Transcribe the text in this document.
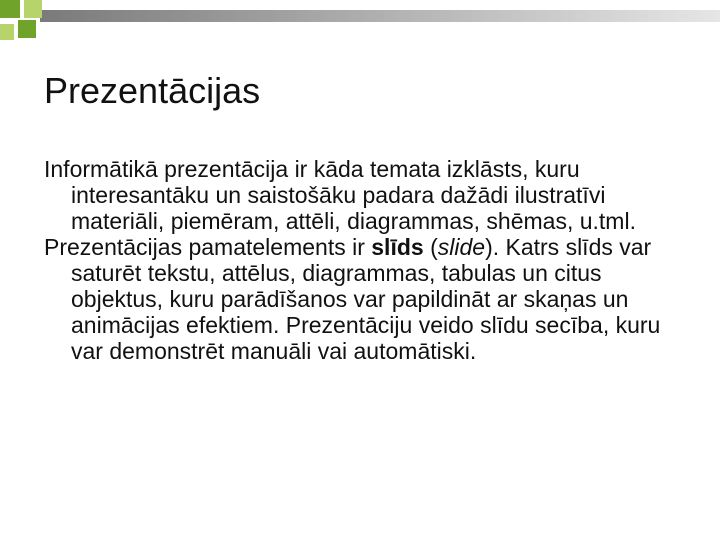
Prezentācijas

Informātikā prezentācija ir kāda temata izklāsts, kuru interesantāku un saistošāku padara dažādi ilustratīvi materiāli, piemēram, attēli, diagrammas, shēmas, u.tml.

Prezentācijas pamatelements ir slīds (slide). Katrs slīds var saturēt tekstu, attēlus, diagrammas, tabulas un citus objektus, kuru parādīšanos var papildināt ar skaņas un animācijas efektiem. Prezentāciju veido slīdu secība, kuru var demonstrēt manuāli vai automātiski.
